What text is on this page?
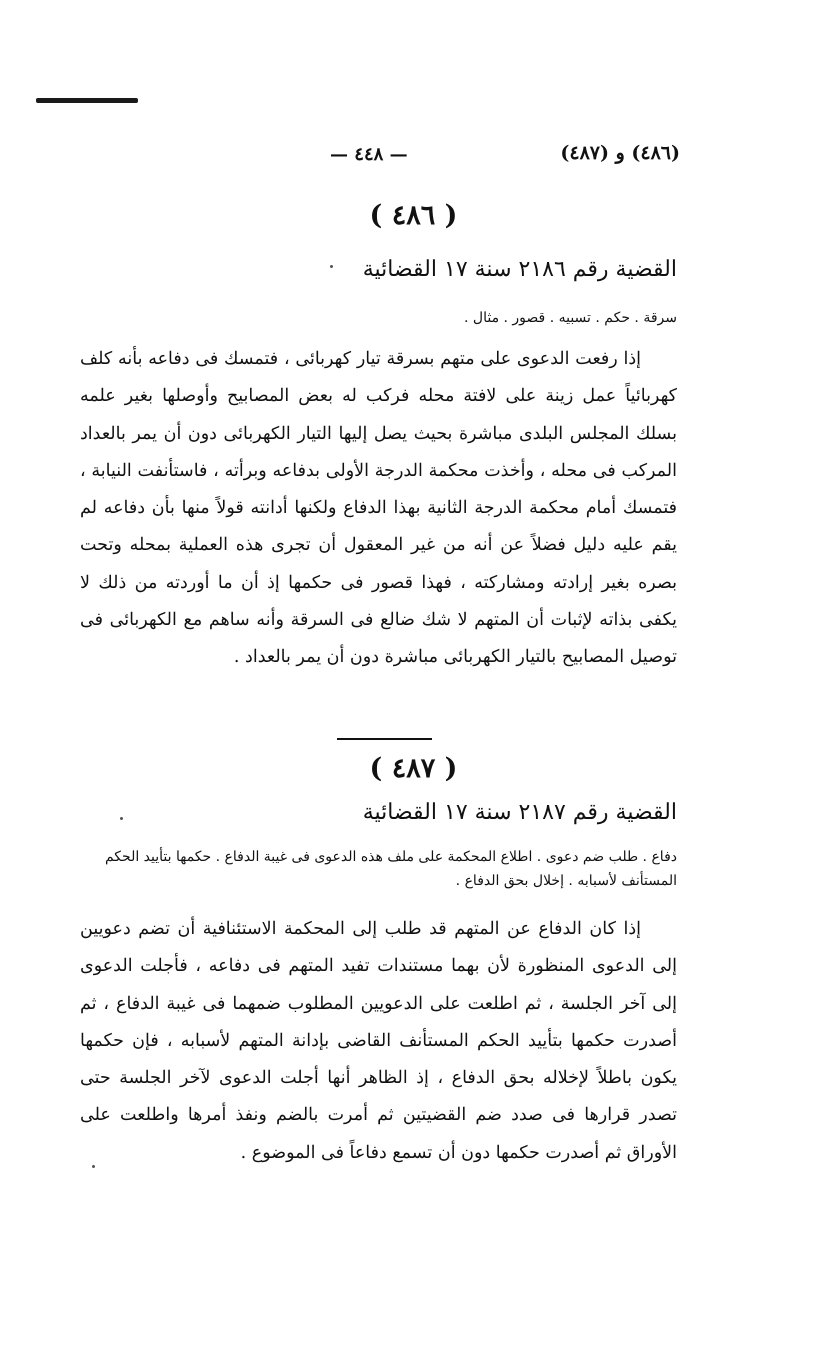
(٤٨٦) و (٤٨٧)
— ٤٤٨ —
( ٤٨٦ )
القضية رقم ٢١٨٦ سنة ١٧ القضائية
سرقة . حكم . تسبيه . قصور . مثال .
إذا رفعت الدعوى على متهم بسرقة تيار كهربائى ، فتمسك فى دفاعه بأنه كلف كهربائياً عمل زينة على لافتة محله فركب له بعض المصابيح وأوصلها بغير علمه بسلك المجلس البلدى مباشرة بحيث يصل إليها التيار الكهربائى دون أن يمر بالعداد المركب فى محله ، وأخذت محكمة الدرجة الأولى بدفاعه وبرأته ، فاستأنفت النيابة ، فتمسك أمام محكمة الدرجة الثانية بهذا الدفاع ولكنها أدانته قولاً منها بأن دفاعه لم يقم عليه دليل فضلاً عن أنه من غير المعقول أن تجرى هذه العملية بمحله وتحت بصره بغير إرادته ومشاركته ، فهذا قصور فى حكمها إذ أن ما أوردته من ذلك لا يكفى بذاته لإثبات أن المتهم لا شك ضالع فى السرقة وأنه ساهم مع الكهربائى فى توصيل المصابيح بالتيار الكهربائى مباشرة دون أن يمر بالعداد .
( ٤٨٧ )
القضية رقم ٢١٨٧ سنة ١٧ القضائية
دفاع . طلب ضم دعوى . اطلاع المحكمة على ملف هذه الدعوى فى غيبة الدفاع . حكمها بتأييد الحكم المستأنف لأسبابه . إخلال بحق الدفاع .
إذا كان الدفاع عن المتهم قد طلب إلى المحكمة الاستئنافية أن تضم دعويين إلى الدعوى المنظورة لأن بهما مستندات تفيد المتهم فى دفاعه ، فأجلت الدعوى إلى آخر الجلسة ، ثم اطلعت على الدعويين المطلوب ضمهما فى غيبة الدفاع ، ثم أصدرت حكمها بتأييد الحكم المستأنف القاضى بإدانة المتهم لأسبابه ، فإن حكمها يكون باطلاً لإخلاله بحق الدفاع ، إذ الظاهر أنها أجلت الدعوى لآخر الجلسة حتى تصدر قرارها فى صدد ضم القضيتين ثم أمرت بالضم ونفذ أمرها واطلعت على الأوراق ثم أصدرت حكمها دون أن تسمع دفاعاً فى الموضوع .
